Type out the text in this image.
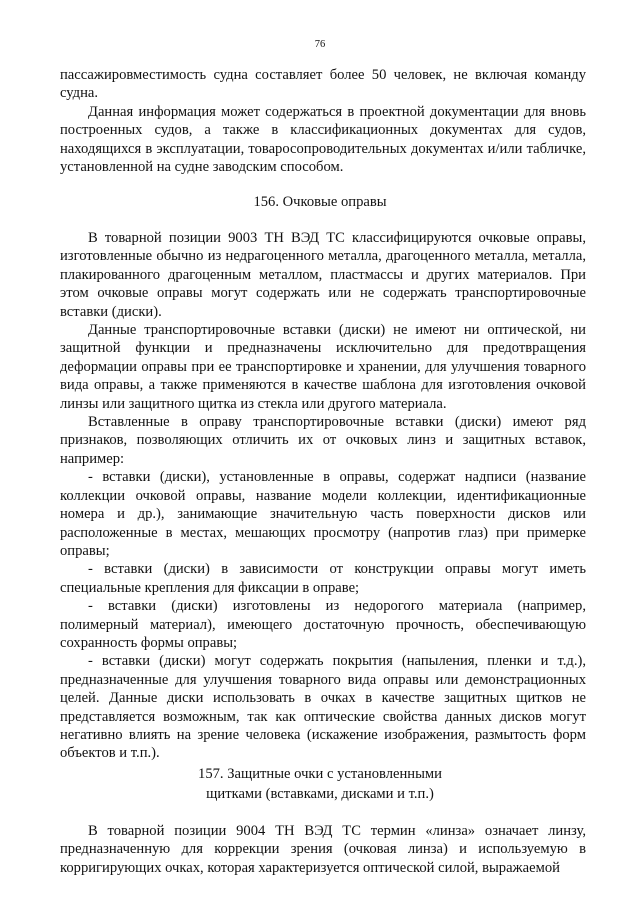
76

пассажировместимость судна составляет более 50 человек, не включая команду судна.

Данная информация может содержаться в проектной документации для вновь построенных судов, а также в классификационных документах для судов, находящихся в эксплуатации, товаросопроводительных документах и/или табличке, установленной на судне заводским способом.

156. Очковые оправы

В товарной позиции 9003 ТН ВЭД ТС классифицируются очковые оправы, изготовленные обычно из недрагоценного металла, драгоценного металла, металла, плакированного драгоценным металлом, пластмассы и других материалов. При этом очковые оправы могут содержать или не содержать транспортировочные вставки (диски).

Данные транспортировочные вставки (диски) не имеют ни оптической, ни защитной функции и предназначены исключительно для предотвращения деформации оправы при ее транспортировке и хранении, для улучшения товарного вида оправы, а также применяются в качестве шаблона для изготовления очковой линзы или защитного щитка из стекла или другого материала.

Вставленные в оправу транспортировочные вставки (диски) имеют ряд признаков, позволяющих отличить их от очковых линз и защитных вставок, например:

- вставки (диски), установленные в оправы, содержат надписи (название коллекции очковой оправы, название модели коллекции, идентификационные номера и др.), занимающие значительную часть поверхности дисков или расположенные в местах, мешающих просмотру (напротив глаз) при примерке оправы;

- вставки (диски) в зависимости от конструкции оправы могут иметь специальные крепления для фиксации в оправе;

- вставки (диски) изготовлены из недорогого материала (например, полимерный материал), имеющего достаточную прочность, обеспечивающую сохранность формы оправы;

- вставки (диски) могут содержать покрытия (напыления, пленки и т.д.), предназначенные для улучшения товарного вида оправы или демонстрационных целей. Данные диски использовать в очках в качестве защитных щитков не представляется возможным, так как оптические свойства данных дисков могут негативно влиять на зрение человека (искажение изображения, размытость форм объектов и т.п.).

157. Защитные очки с установленными
щитками (вставками, дисками и т.п.)

В товарной позиции 9004 ТН ВЭД ТС термин «линза» означает линзу, предназначенную для коррекции зрения (очковая линза) и используемую в корригирующих очках, которая характеризуется оптической силой, выражаемой
